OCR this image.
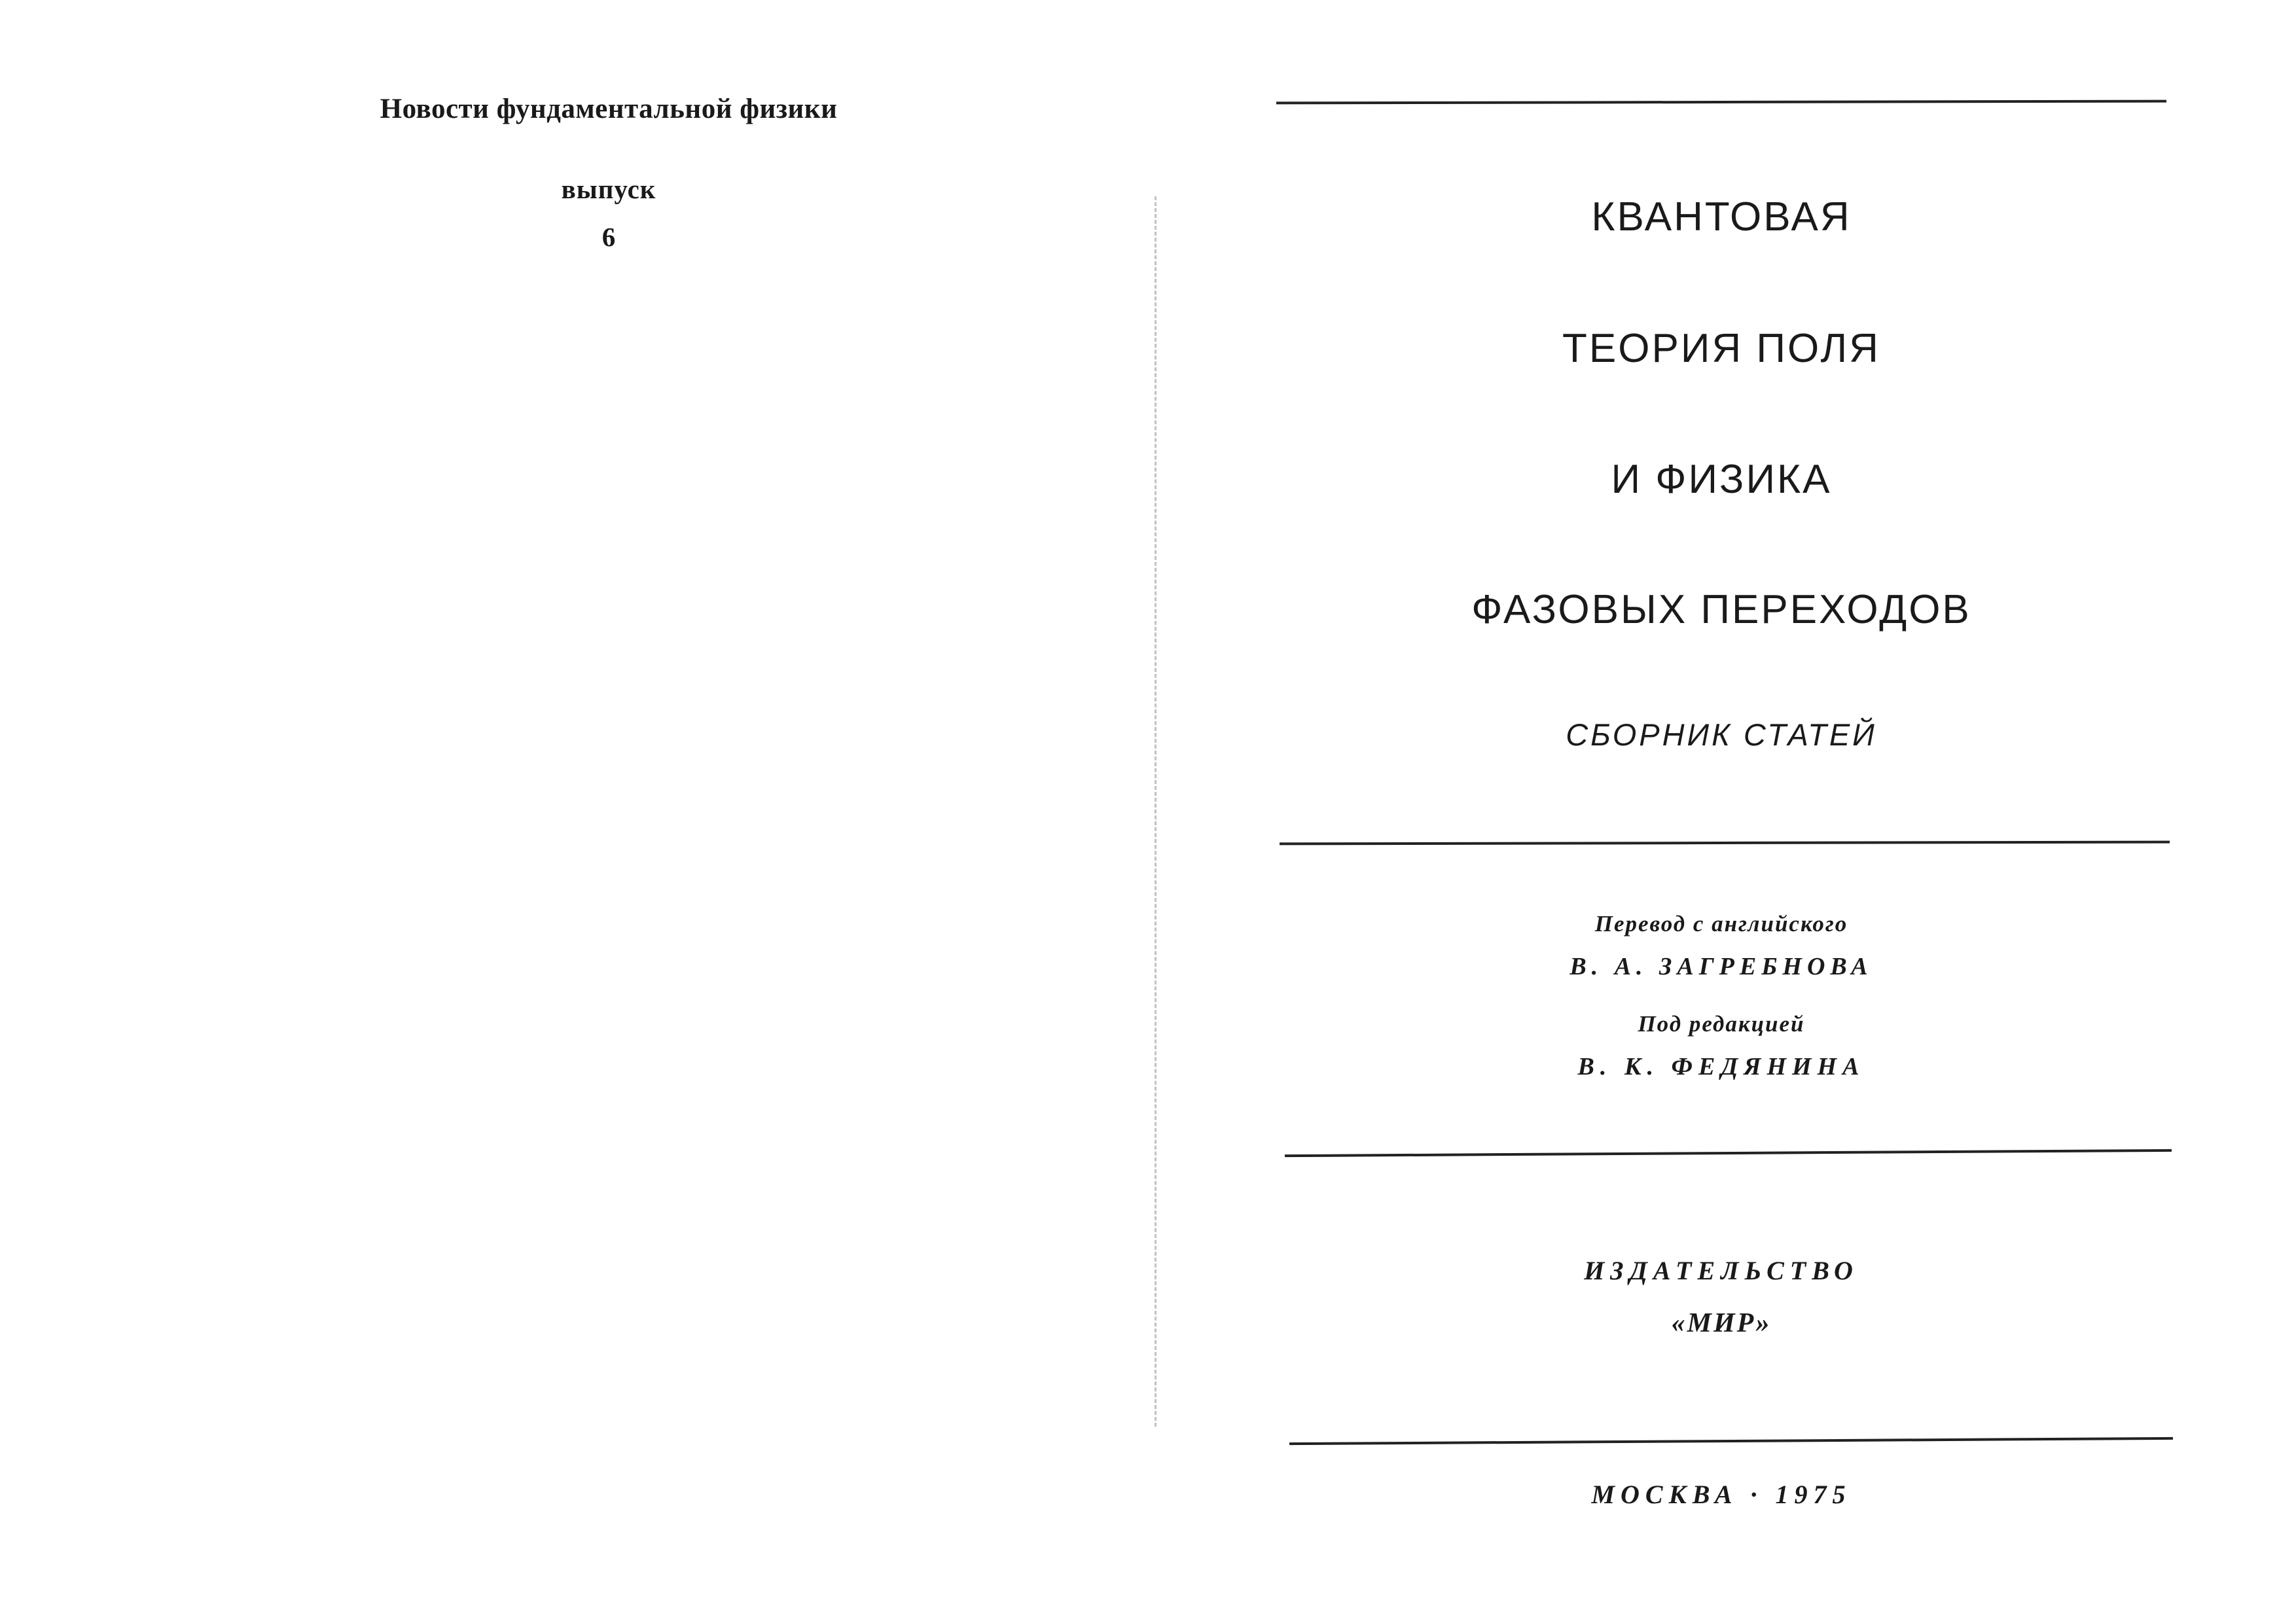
Новости фундаментальной физики
выпуск
6	КВАНТОВАЯ
ТЕОРИЯ ПОЛЯ
И ФИЗИКА
ФАЗОВЫХ ПЕРЕХОДОВ
СБОРНИК СТАТЕЙ
Перевод с английского
В. А. ЗАГРЕБНОВА
Под редакцией
В. К. ФЕДЯНИНА
ИЗДАТЕЛЬСТВО
«МИР»
МОСКВА · 1975
